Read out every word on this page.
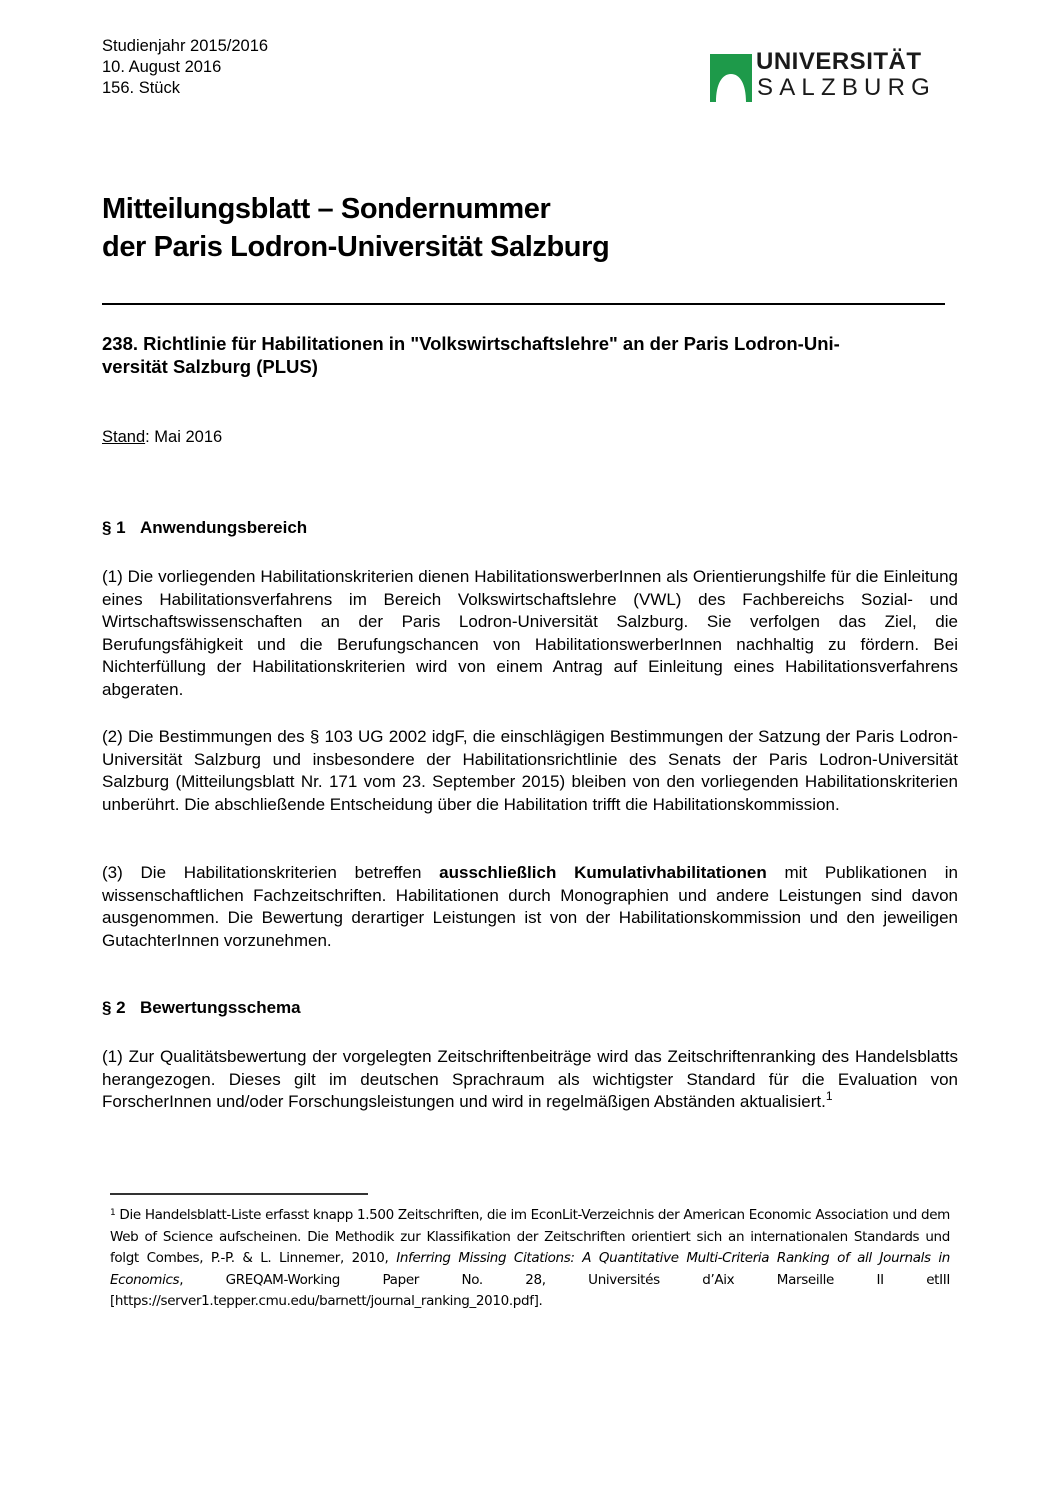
Studienjahr 2015/2016
10. August 2016
156. Stück
UNIVERSITÄT
SALZBURG
Mitteilungsblatt – Sondernummer
der Paris Lodron-Universität Salzburg
238. Richtlinie für Habilitationen in "Volkswirtschaftslehre" an der Paris Lodron-Uni-
versität Salzburg (PLUS)
Stand: Mai 2016
§ 1 Anwendungsbereich
(1) Die vorliegenden Habilitationskriterien dienen HabilitationswerberInnen als Orientierungshilfe für die Einleitung eines Habilitationsverfahrens im Bereich Volkswirtschaftslehre (VWL) des Fachbereichs Sozial- und Wirtschaftswissenschaften an der Paris Lodron-Universität Salzburg. Sie verfolgen das Ziel, die Berufungsfähigkeit und die Berufungschancen von HabilitationswerberInnen nachhaltig zu fördern. Bei Nichterfüllung der Habilitationskriterien wird von einem Antrag auf Einleitung eines Habilitationsverfahrens abgeraten.
(2) Die Bestimmungen des § 103 UG 2002 idgF, die einschlägigen Bestimmungen der Satzung der Paris Lodron-Universität Salzburg und insbesondere der Habilitationsrichtlinie des Senats der Paris Lodron-Universität Salzburg (Mitteilungsblatt Nr. 171 vom 23. September 2015) bleiben von den vorliegenden Habilitationskriterien unberührt. Die abschließende Entscheidung über die Habilitation trifft die Habilitationskommission.
(3) Die Habilitationskriterien betreffen ausschließlich Kumulativhabilitationen mit Publikationen in wissenschaftlichen Fachzeitschriften. Habilitationen durch Monographien und andere Leistungen sind davon ausgenommen. Die Bewertung derartiger Leistungen ist von der Habilitationskommission und den jeweiligen GutachterInnen vorzunehmen.
§ 2 Bewertungsschema
(1) Zur Qualitätsbewertung der vorgelegten Zeitschriftenbeiträge wird das Zeitschriftenranking des Handelsblatts herangezogen. Dieses gilt im deutschen Sprachraum als wichtigster Standard für die Evaluation von ForscherInnen und/oder Forschungsleistungen und wird in regelmäßigen Abständen aktualisiert.$^1$
$^1$ Die Handelsblatt-Liste erfasst knapp 1.500 Zeitschriften, die im EconLit-Verzeichnis der American Economic Association und dem Web of Science aufscheinen. Die Methodik zur Klassifikation der Zeitschriften orientiert sich an internationalen Standards und folgt Combes, P.-P. & L. Linnemer, 2010, Inferring Missing Citations: A Quantitative Multi-Criteria Ranking of all Journals in Economics, GREQAM-Working Paper No. 28, Universités d’Aix Marseille II etIII [https://server1.tepper.cmu.edu/barnett/journal_ranking_2010.pdf].
